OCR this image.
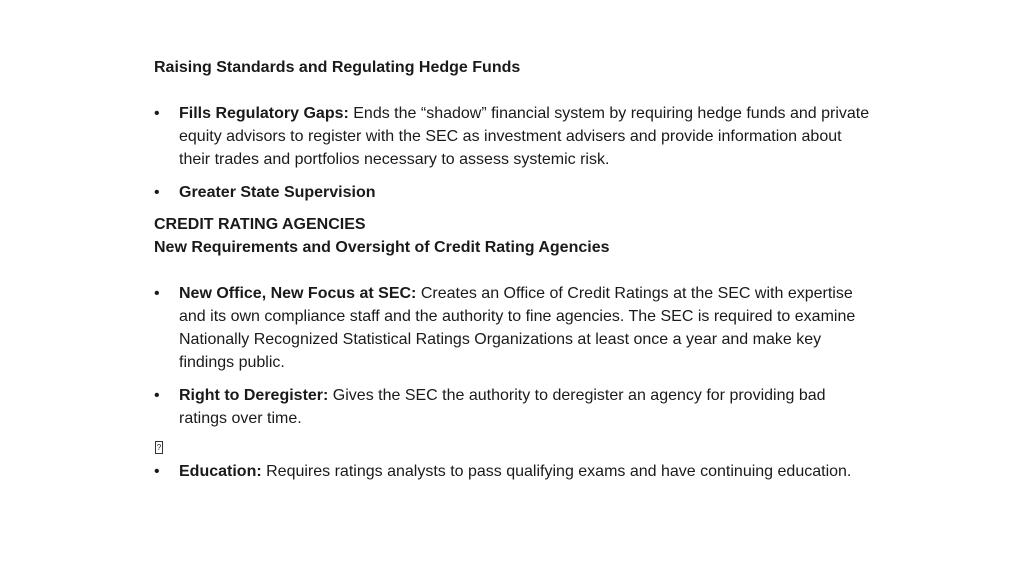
Raising Standards and Regulating Hedge Funds

• Fills Regulatory Gaps: Ends the “shadow” financial system by requiring hedge funds and private equity advisors to register with the SEC as investment advisers and provide information about their trades and portfolios necessary to assess systemic risk.
• Greater State Supervision

CREDIT RATING AGENCIES

New Requirements and Oversight of Credit Rating Agencies

• New Office, New Focus at SEC: Creates an Office of Credit Ratings at the SEC with expertise and its own compliance staff and the authority to fine agencies. The SEC is required to examine Nationally Recognized Statistical Ratings Organizations at least once a year and make key findings public.
• Right to Deregister: Gives the SEC the authority to deregister an agency for providing bad ratings over time.
?
• Education: Requires ratings analysts to pass qualifying exams and have continuing education.
